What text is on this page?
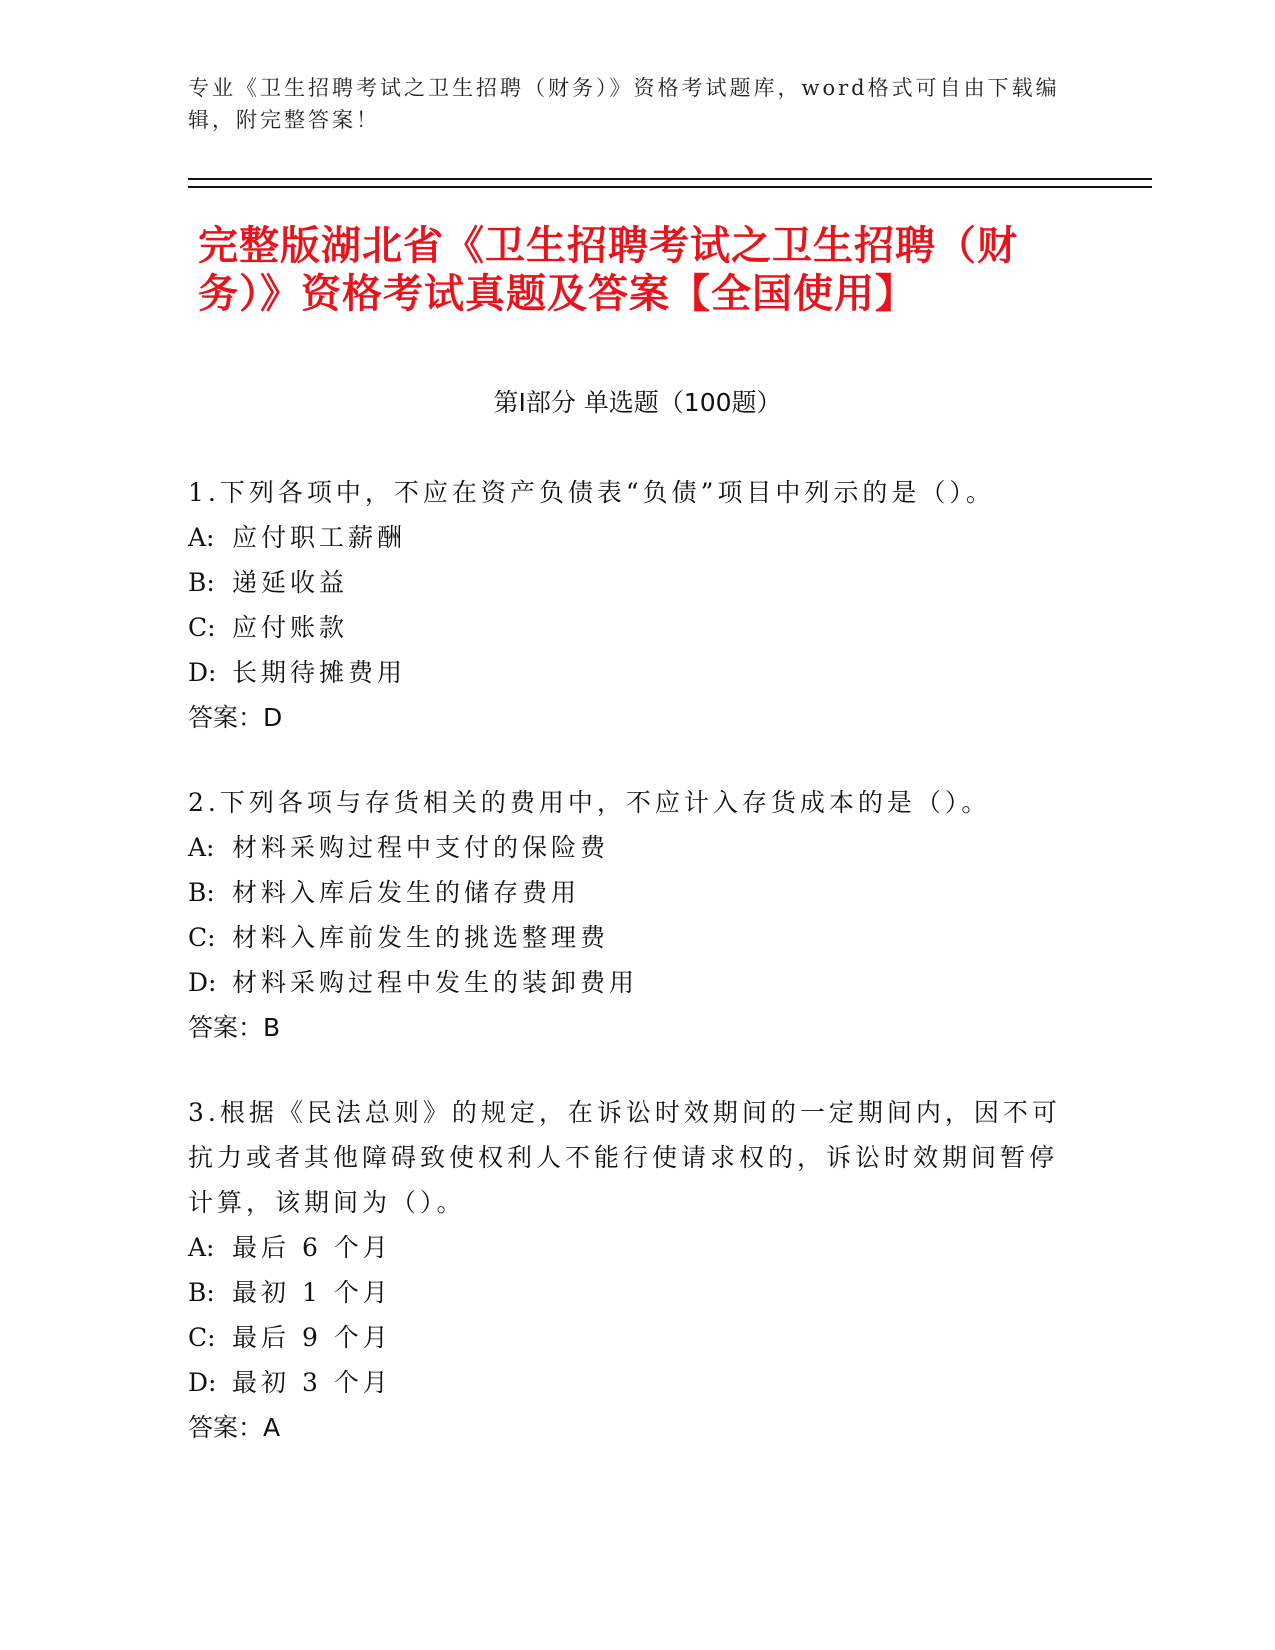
专业《卫生招聘考试之卫生招聘（财务）》资格考试题库，word格式可自由下载编辑，附完整答案！
完整版湖北省《卫生招聘考试之卫生招聘（财务）》资格考试真题及答案【全国使用】
第Ⅰ部分 单选题（100题）
1.下列各项中，不应在资产负债表“负债”项目中列示的是（）。
A: 应付职工薪酬
B: 递延收益
C: 应付账款
D: 长期待摊费用
答案：D
2.下列各项与存货相关的费用中，不应计入存货成本的是（）。
A: 材料采购过程中支付的保险费
B: 材料入库后发生的储存费用
C: 材料入库前发生的挑选整理费
D: 材料采购过程中发生的装卸费用
答案：B
3.根据《民法总则》的规定，在诉讼时效期间的一定期间内，因不可抗力或者其他障碍致使权利人不能行使请求权的，诉讼时效期间暂停计算，该期间为（）。
A: 最后 6 个月
B: 最初 1 个月
C: 最后 9 个月
D: 最初 3 个月
答案：A
